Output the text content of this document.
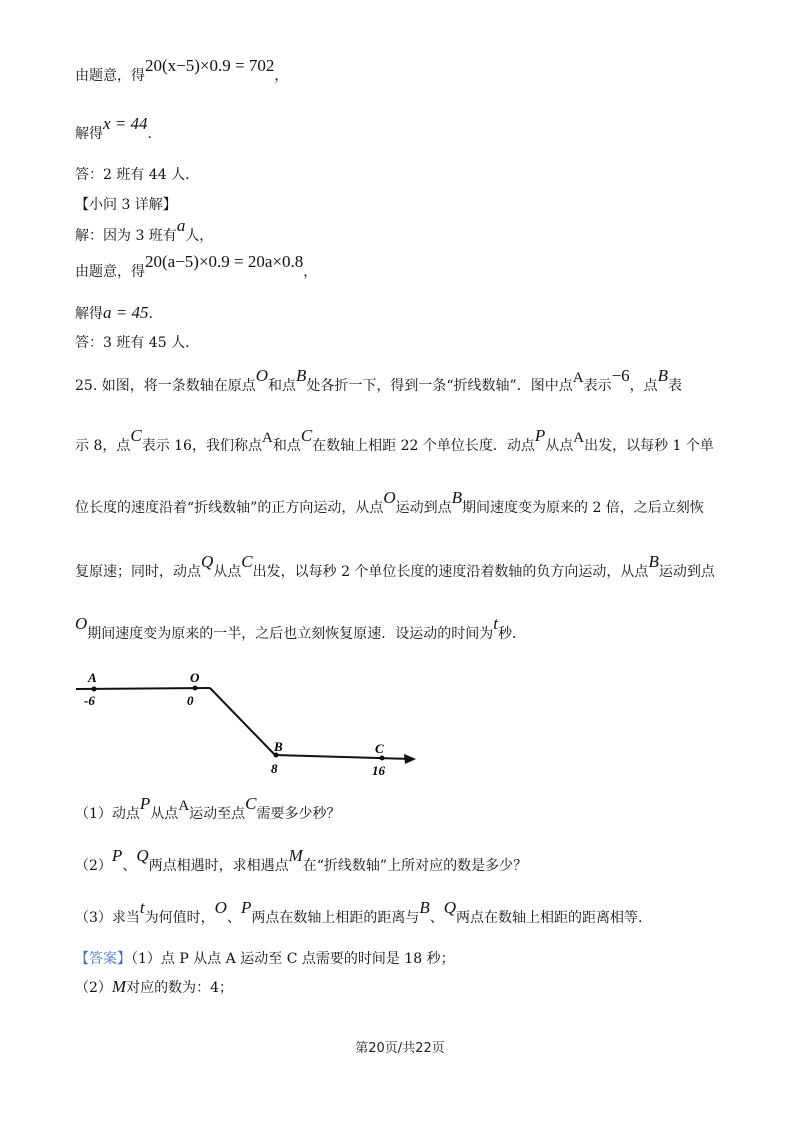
由题意，得20(x−5)×0.9 = 702，
解得x = 44.
答：2 班有 44 人．
【小问 3 详解】
解：因为 3 班有a人，
由题意，得20(a−5)×0.9 = 20a×0.8，
解得a = 45.
答：3 班有 45 人．
25. 如图，将一条数轴在原点O和点B处各折一下，得到一条“折线数轴”．图中点A表示−6，点B表
示 8，点C表示 16，我们称点A和点C在数轴上相距 22 个单位长度．动点P从点A出发，以每秒 1 个单
位长度的速度沿着“折线数轴”的正方向运动，从点O运动到点B期间速度变为原来的 2 倍，之后立刻恢
复原速；同时，动点Q从点C出发，以每秒 2 个单位长度的速度沿着数轴的负方向运动，从点B运动到点
O期间速度变为原来的一半，之后也立刻恢复原速．设运动的时间为t秒．
A	O
B	C
-6	0
8	16
（1）动点P从点A运动至点C需要多少秒？
（2）P、Q两点相遇时，求相遇点M在“折线数轴”上所对应的数是多少？
（3）求当t为何值时，O、P两点在数轴上相距的距离与B、Q两点在数轴上相距的距离相等.
【答案】（1）点 P 从点 A 运动至 C 点需要的时间是 18 秒；
（2）M对应的数为：4；
第20页/共22页
